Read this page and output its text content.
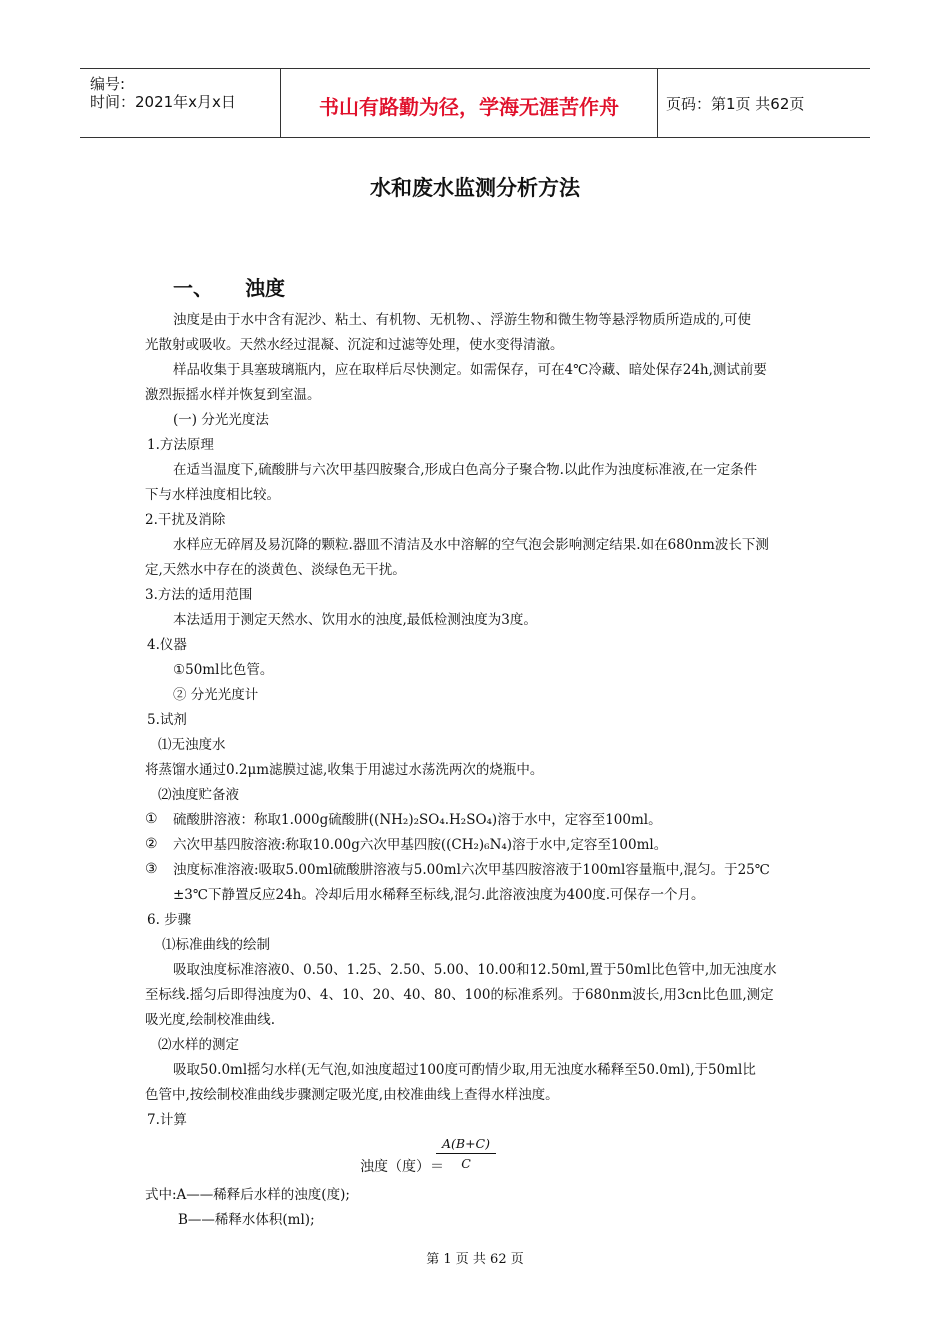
编号:
时间：2021年x月x日	书山有路勤为径，学海无涯苦作舟	页码：第1页 共62页
水和废水监测分析方法
一、 浊度
浊度是由于水中含有泥沙、粘土、有机物、无机物、、浮游生物和微生物等悬浮物质所造成的,可使
光散射或吸收。天然水经过混凝、沉淀和过滤等处理，使水变得清澈。
样品收集于具塞玻璃瓶内，应在取样后尽快测定。如需保存，可在4℃冷藏、暗处保存24h,测试前要
激烈振摇水样并恢复到室温。
(一) 分光光度法
1.方法原理
在适当温度下,硫酸肼与六次甲基四胺聚合,形成白色高分子聚合物.以此作为浊度标准液,在一定条件
下与水样浊度相比较。
2.干扰及消除
水样应无碎屑及易沉降的颗粒.器皿不清洁及水中溶解的空气泡会影响测定结果.如在680nm波长下测
定,天然水中存在的淡黄色、淡绿色无干扰。
3.方法的适用范围
本法适用于测定天然水、饮用水的浊度,最低检测浊度为3度。
4.仪器
①50ml比色管。
② 分光光度计
5.试剂
⑴无浊度水
将蒸馏水通过0.2μm滤膜过滤,收集于用滤过水荡洗两次的烧瓶中。
⑵浊度贮备液
① 硫酸肼溶液：称取1.000g硫酸肼((NH₂)₂SO₄.H₂SO₄)溶于水中，定容至100ml。
② 六次甲基四胺溶液:称取10.00g六次甲基四胺((CH₂)₆N₄)溶于水中,定容至100ml。
③ 浊度标准溶液:吸取5.00ml硫酸肼溶液与5.00ml六次甲基四胺溶液于100ml容量瓶中,混匀。于25℃
±3℃下静置反应24h。冷却后用水稀释至标线,混匀.此溶液浊度为400度.可保存一个月。
6. 步骤
⑴标准曲线的绘制
吸取浊度标准溶液0、0.50、1.25、2.50、5.00、10.00和12.50ml,置于50ml比色管中,加无浊度水
至标线.摇匀后即得浊度为0、4、10、20、40、80、100的标准系列。于680nm波长,用3cn比色皿,测定
吸光度,绘制校准曲线.
⑵水样的测定
吸取50.0ml摇匀水样(无气泡,如浊度超过100度可酌情少取,用无浊度水稀释至50.0ml),于50ml比
色管中,按绘制校准曲线步骤测定吸光度,由校准曲线上查得水样浊度。
7.计算
浊度（度）＝
$\frac{A(B+C)}{C}$
式中:A——稀释后水样的浊度(度);
B——稀释水体积(ml);
第 1 页 共 62 页
